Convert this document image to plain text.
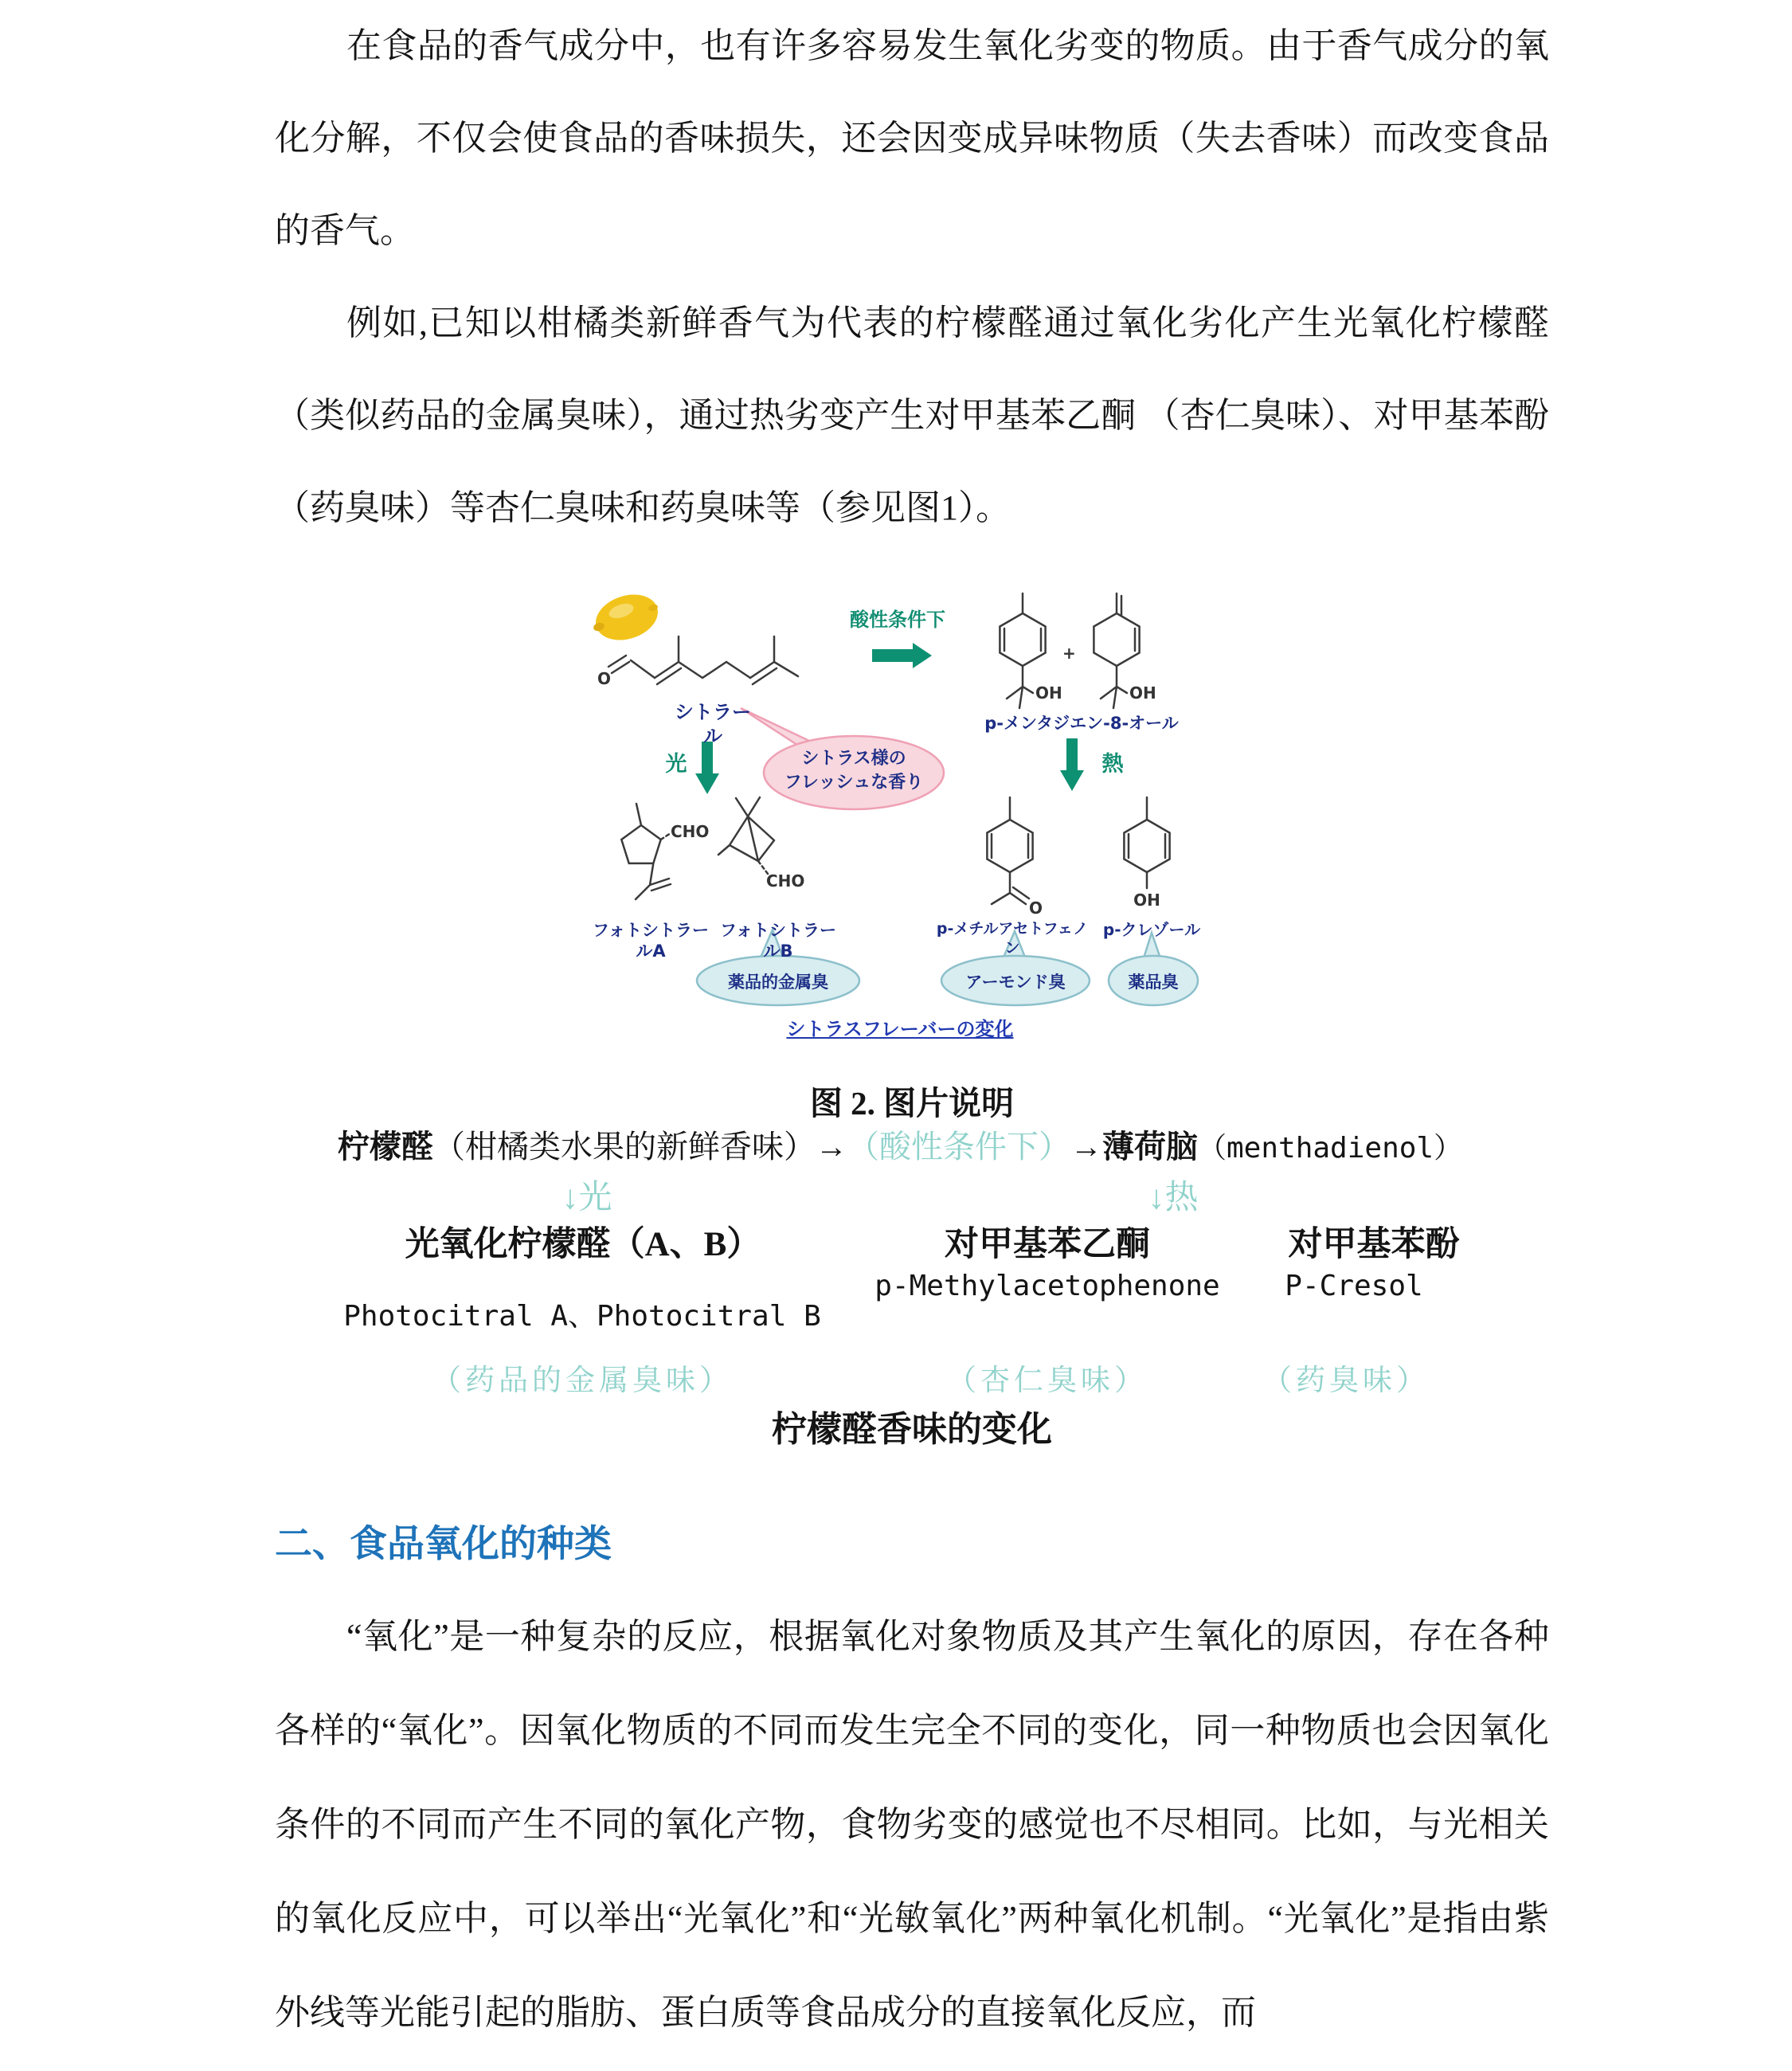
在食品的香气成分中，也有许多容易发生氧化劣变的物质。由于香气成分的氧化分解，不仅会使食品的香味损失，还会因变成异味物质（失去香味）而改变食品的香气。

例如,已知以柑橘类新鲜香气为代表的柠檬醛通过氧化劣化产生光氧化柠檬醛（类似药品的金属臭味），通过热劣变产生对甲基苯乙酮 （杏仁臭味）、对甲基苯酚（药臭味）等杏仁臭味和药臭味等（参见图1）。

O
OH
+
OH
CHO
CHO
O	OH
シトラール
酸性条件下
p-メンタジエン-8-オール
光	熱
シトラス様の
フレッシュな香り
フォトシトラールA
フォトシトラールB
薬品的金属臭
p-メチルアセトフェノン
p-クレゾール
アーモンド臭	薬品臭
シトラスフレーバーの変化
图 2. 图片说明
柠檬醛（柑橘类水果的新鲜香味）→（酸性条件下）→薄荷脑（menthadienol）
↓光	↓热
光氧化柠檬醛（A、B）	对甲基苯乙酮	对甲基苯酚
p-Methylacetophenone P-Cresol
Photocitral A、Photocitral B
（药品的金属臭味）	（杏仁臭味）	（药臭味）
柠檬醛香味的变化
二、食品氧化的种类

“氧化”是一种复杂的反应，根据氧化对象物质及其产生氧化的原因，存在各种各样的“氧化”。因氧化物质的不同而发生完全不同的变化，同一种物质也会因氧化条件的不同而产生不同的氧化产物，食物劣变的感觉也不尽相同。比如，与光相关的氧化反应中，可以举出“光氧化”和“光敏氧化”两种氧化机制。“光氧化”是指由紫外线等光能引起的脂肪、蛋白质等食品成分的直接氧化反应，而
